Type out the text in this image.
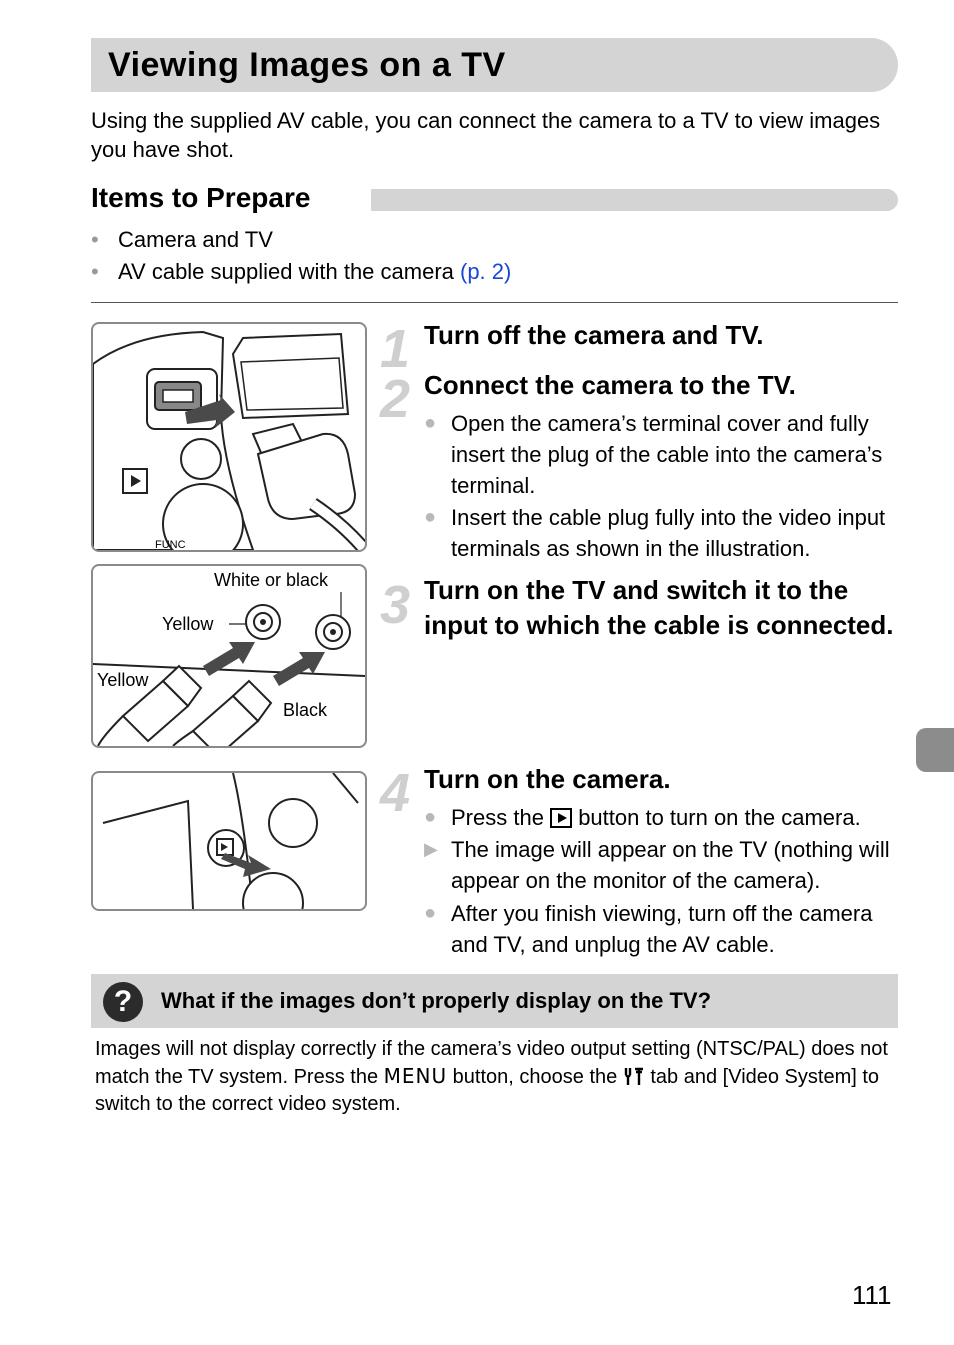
Viewing Images on a TV
Using the supplied AV cable, you can connect the camera to a TV to view images you have shot.
Items to Prepare
• Camera and TV
• AV cable supplied with the camera (p. 2)
FUNC
White or black
Yellow
Yellow
Black
1 Turn off the camera and TV.
2 Connect the camera to the TV.
● Open the camera’s terminal cover and fully insert the plug of the cable into the camera’s terminal.
● Insert the cable plug fully into the video input terminals as shown in the illustration.
3 Turn on the TV and switch it to the input to which the cable is connected.
4 Turn on the camera.
● Press the button to turn on the camera.
▶ The image will appear on the TV (nothing will appear on the monitor of the camera).
● After you finish viewing, turn off the camera and TV, and unplug the AV cable.
?	What if the images don’t properly display on the TV?
Images will not display correctly if the camera’s video output setting (NTSC/PAL) does not match the TV system. Press the MENU button, choose the  tab and [Video System] to switch to the correct video system.
111
